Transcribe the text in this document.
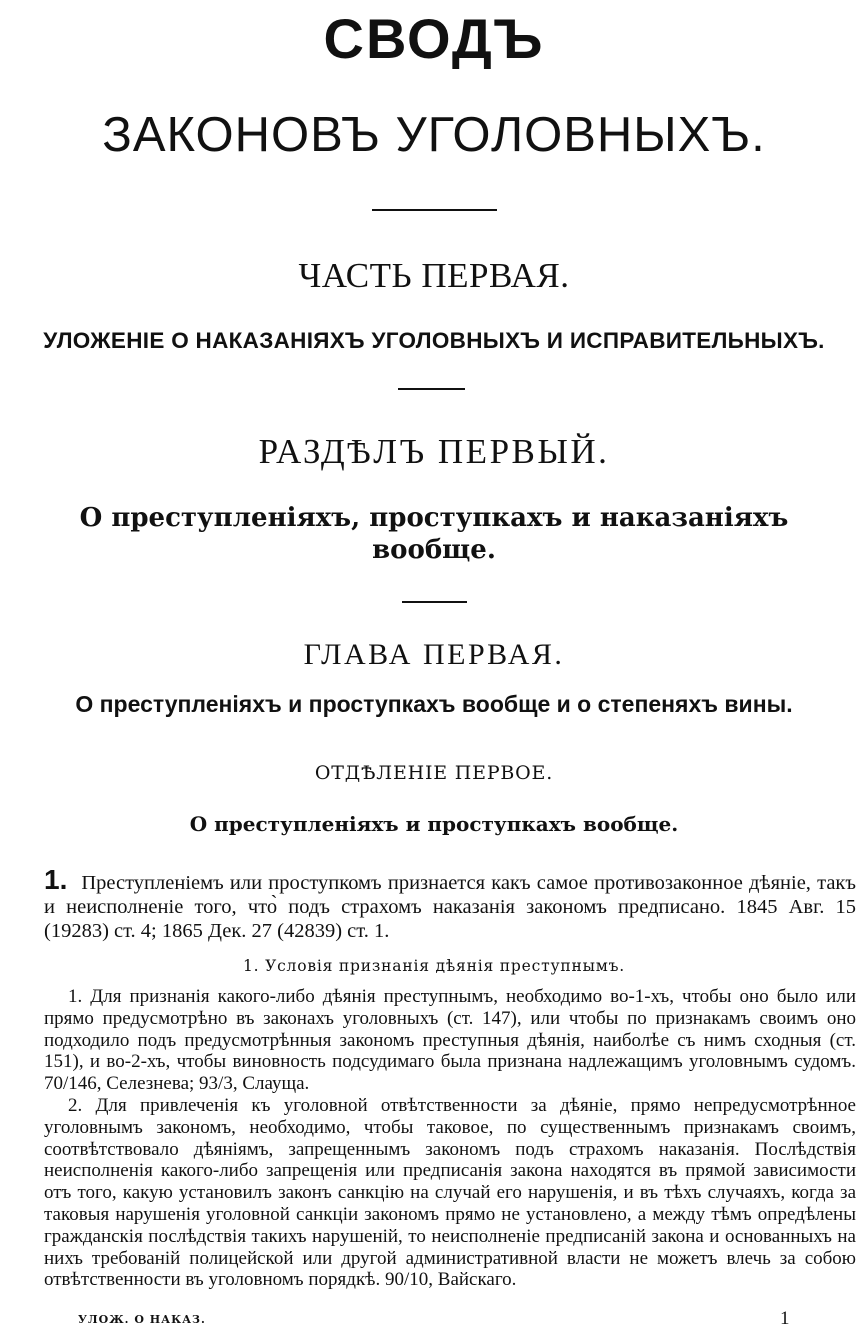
СВОДЪ
ЗАКОНОВЪ УГОЛОВНЫХЪ.
ЧАСТЬ ПЕРВАЯ.
УЛОЖЕНІЕ О НАКАЗАНІЯХЪ УГОЛОВНЫХЪ И ИСПРАВИТЕЛЬНЫХЪ.
РАЗДѢЛЪ ПЕРВЫЙ.
О преступленіяхъ, проступкахъ и наказаніяхъ
вообще.
ГЛАВА ПЕРВАЯ.
О преступленіяхъ и проступкахъ вообще и о степеняхъ вины.
ОТДѢЛЕНІЕ ПЕРВОЕ.
О преступленіяхъ и проступкахъ вообще.
1. Преступленіемъ или проступкомъ признается какъ самое противозаконное дѣяніе, такъ и неисполненіе того, что̀ подъ страхомъ наказанія закономъ предписано. 1845 Авг. 15 (19283) ст. 4; 1865 Дек. 27 (42839) ст. 1.
1. Условія признанія дѣянія преступнымъ.

1. Для признанія какого-либо дѣянія преступнымъ, необходимо во-1-хъ, чтобы оно было или прямо предусмотрѣно въ законахъ уголовныхъ (ст. 147), или чтобы по признакамъ своимъ оно подходило подъ предусмотрѣнныя закономъ преступныя дѣянія, наиболѣе съ нимъ сходныя (ст. 151), и во-2-хъ, чтобы виновность подсудимаго была признана надлежащимъ уголовнымъ судомъ. 70/146, Селезнева; 93/3, Слаущa.

2. Для привлеченія къ уголовной отвѣтственности за дѣяніе, прямо непредусмотрѣнное уголовнымъ закономъ, необходимо, чтобы таковое, по существеннымъ признакамъ своимъ, соотвѣтствовало дѣяніямъ, запрещеннымъ закономъ подъ страхомъ наказанія. Послѣдствія неисполненія какого-либо запрещенія или предписанія закона находятся въ прямой зависимости отъ того, какую установилъ законъ санкцію на случай его нарушенія, и въ тѣхъ случаяхъ, когда за таковыя нарушенія уголовной санкціи закономъ прямо не установлено, а между тѣмъ опредѣлены гражданскія послѣдствія такихъ нарушеній, то неисполненіе предписаній закона и основанныхъ на нихъ требованій полицейской или другой административной власти не можетъ влечь за собою отвѣтственности въ уголовномъ порядкѣ. 90/10, Вайскаго.

УЛОЖ. О НАКАЗ.	1
